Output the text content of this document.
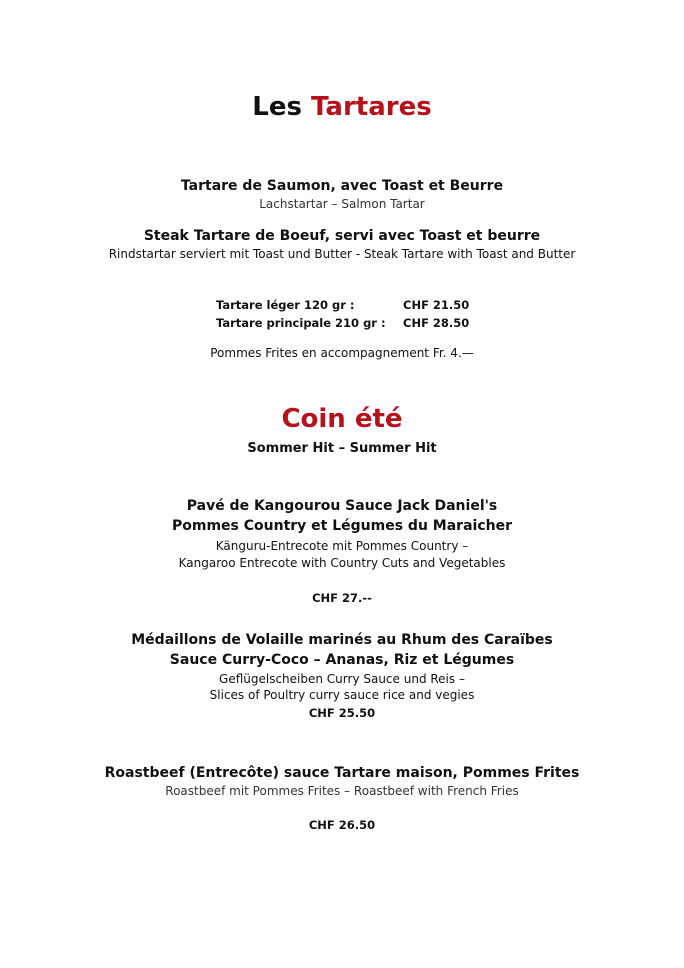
Les Tartares
Tartare de Saumon, avec Toast et Beurre
Lachstartar – Salmon Tartar
Steak Tartare de Boeuf, servi avec Toast et beurre
Rindstartar serviert mit Toast und Butter - Steak Tartare with Toast and Butter
Tartare léger 120 gr :	CHF 21.50
Tartare principale 210 gr : CHF 28.50
Pommes Frites en accompagnement Fr. 4.—
Coin été
Sommer Hit – Summer Hit
Pavé de Kangourou Sauce Jack Daniel's
Pommes Country et Légumes du Maraicher
Känguru-Entrecote mit Pommes Country –
Kangaroo Entrecote with Country Cuts and Vegetables
CHF 27.--
Médaillons de Volaille marinés au Rhum des Caraïbes
Sauce Curry-Coco – Ananas, Riz et Légumes
Geflügelscheiben Curry Sauce und Reis –
Slices of Poultry curry sauce rice and vegies
CHF 25.50
Roastbeef (Entrecôte) sauce Tartare maison, Pommes Frites
Roastbeef mit Pommes Frites – Roastbeef with French Fries
CHF 26.50
